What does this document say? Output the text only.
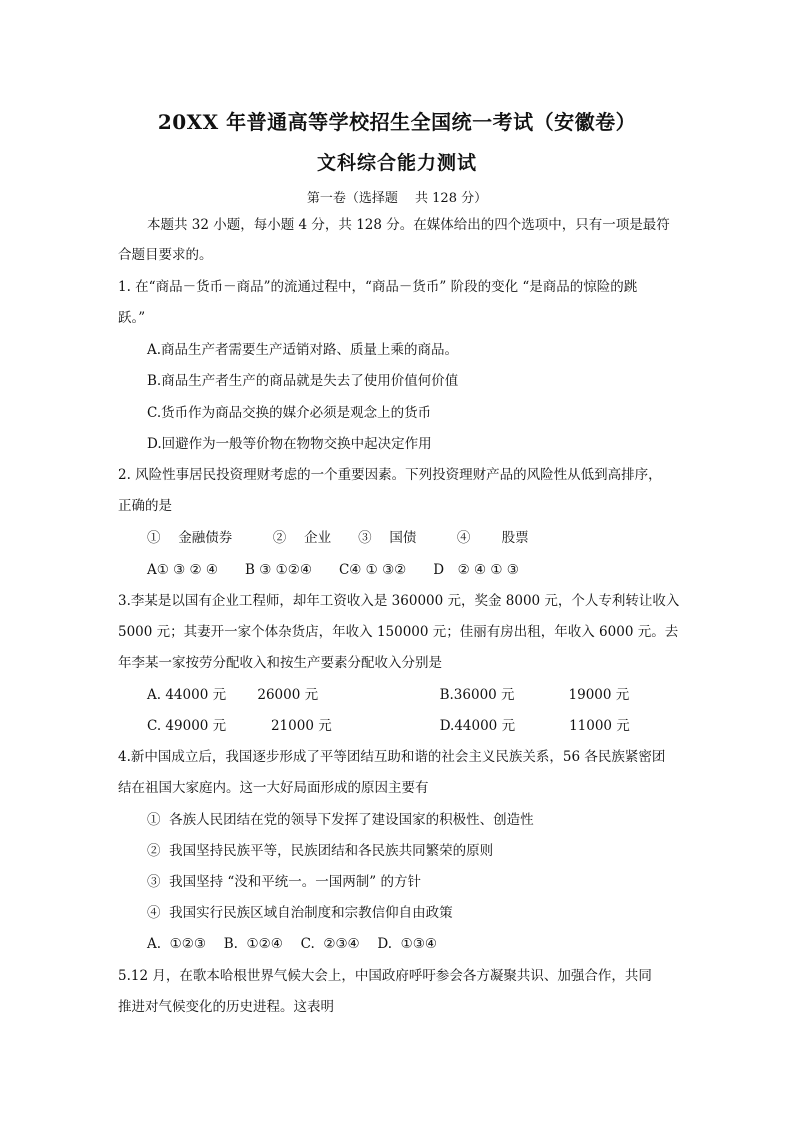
20XX 年普通高等学校招生全国统一考试（安徽卷）
文科综合能力测试
第一卷（选择题　 共 128 分）
本题共 32 小题，每小题 4 分，共 128 分。在媒体给出的四个选项中，只有一项是最符
合题目要求的。
1. 在“商品－货币－商品”的流通过程中，“商品－货币” 阶段的变化 “是商品的惊险的跳
跃。”
A.商品生产者需要生产适销对路、质量上乘的商品。
B.商品生产者生产的商品就是失去了使用价值何价值
C.货币作为商品交换的媒介必须是观念上的货币
D.回避作为一般等价物在物物交换中起决定作用
2. 风险性事居民投资理财考虑的一个重要因素。下列投资理财产品的风险性从低到高排序，
正确的是
①　 金融债券　　　②　 企业　　③　 国债　　　④　　 股票
A① ③ ② ④　　B ③ ①②④　　C④ ① ③②　　D　② ④ ① ③
3.李某是以国有企业工程师，却年工资收入是 360000 元，奖金 8000 元，个人专利转让收入
5000 元；其妻开一家个体杂货店，年收入 150000 元；佳丽有房出租，年收入 6000 元。去
年李某一家按劳分配收入和按生产要素分配收入分别是
A. 44000 元　　 26000 元　　　　　　　　　B.36000 元　　　　19000 元
C. 49000 元　　　 21000 元　　　　　　　　D.44000 元　　　　11000 元
4.新中国成立后，我国逐步形成了平等团结互助和谐的社会主义民族关系，56 各民族紧密团
结在祖国大家庭内。这一大好局面形成的原因主要有
①  各族人民团结在党的领导下发挥了建设国家的积极性、创造性
②  我国坚持民族平等，民族团结和各民族共同繁荣的原则
③  我国坚持 “没和平统一。一国两制” 的方针
④  我国实行民族区域自治制度和宗教信仰自由政策
A.  ①②③　 B.  ①②④　 C.  ②③④　 D.  ①③④
5.12 月，在歌本哈根世界气候大会上，中国政府呼吁参会各方凝聚共识、加强合作，共同
推进对气候变化的历史进程。这表明
